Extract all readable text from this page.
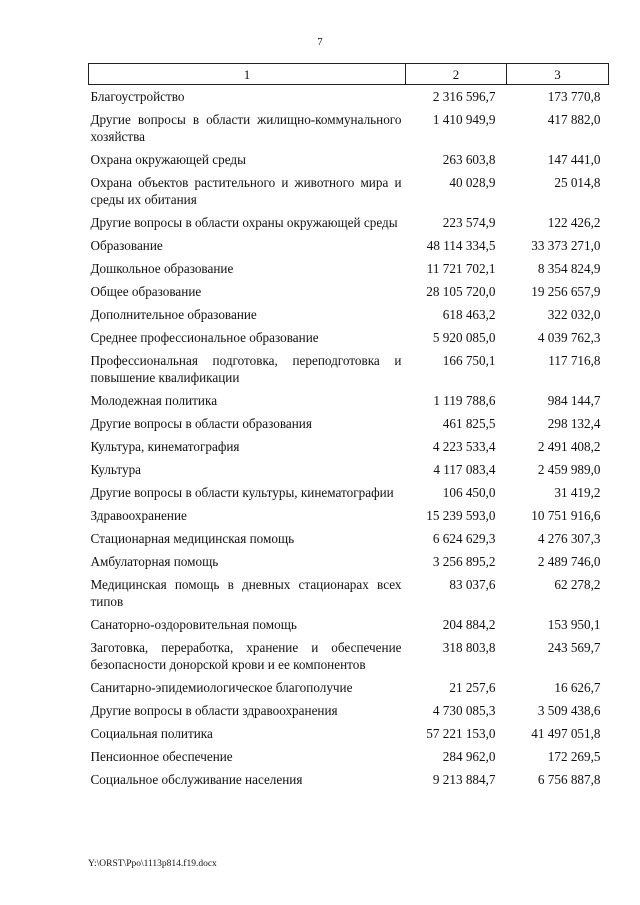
7
1	2	3
Благоустройство	2 316 596,7	173 770,8
Другие вопросы в области жилищно-коммунального хозяйства	1 410 949,9	417 882,0
Охрана окружающей среды	263 603,8	147 441,0
Охрана объектов растительного и животного мира и среды их обитания	40 028,9	25 014,8
Другие вопросы в области охраны окружающей среды	223 574,9	122 426,2
Образование	48 114 334,5	33 373 271,0
Дошкольное образование	11 721 702,1	8 354 824,9
Общее образование	28 105 720,0	19 256 657,9
Дополнительное образование	618 463,2	322 032,0
Среднее профессиональное образование	5 920 085,0	4 039 762,3
Профессиональная подготовка, переподготовка и повышение квалификации	166 750,1	117 716,8
Молодежная политика	1 119 788,6	984 144,7
Другие вопросы в области образования	461 825,5	298 132,4
Культура, кинематография	4 223 533,4	2 491 408,2
Культура	4 117 083,4	2 459 989,0
Другие вопросы в области культуры, кинематографии	106 450,0	31 419,2
Здравоохранение	15 239 593,0	10 751 916,6
Стационарная медицинская помощь	6 624 629,3	4 276 307,3
Амбулаторная помощь	3 256 895,2	2 489 746,0
Медицинская помощь в дневных стационарах всех типов	83 037,6	62 278,2
Санаторно-оздоровительная помощь	204 884,2	153 950,1
Заготовка, переработка, хранение и обеспечение безопасности донорской крови и ее компонентов	318 803,8	243 569,7
Санитарно-эпидемиологическое благополучие	21 257,6	16 626,7
Другие вопросы в области здравоохранения	4 730 085,3	3 509 438,6
Социальная политика	57 221 153,0	41 497 051,8
Пенсионное обеспечение	284 962,0	172 269,5
Социальное обслуживание населения	9 213 884,7	6 756 887,8
Y:\ORST\Ppo\1113p814.f19.docx
